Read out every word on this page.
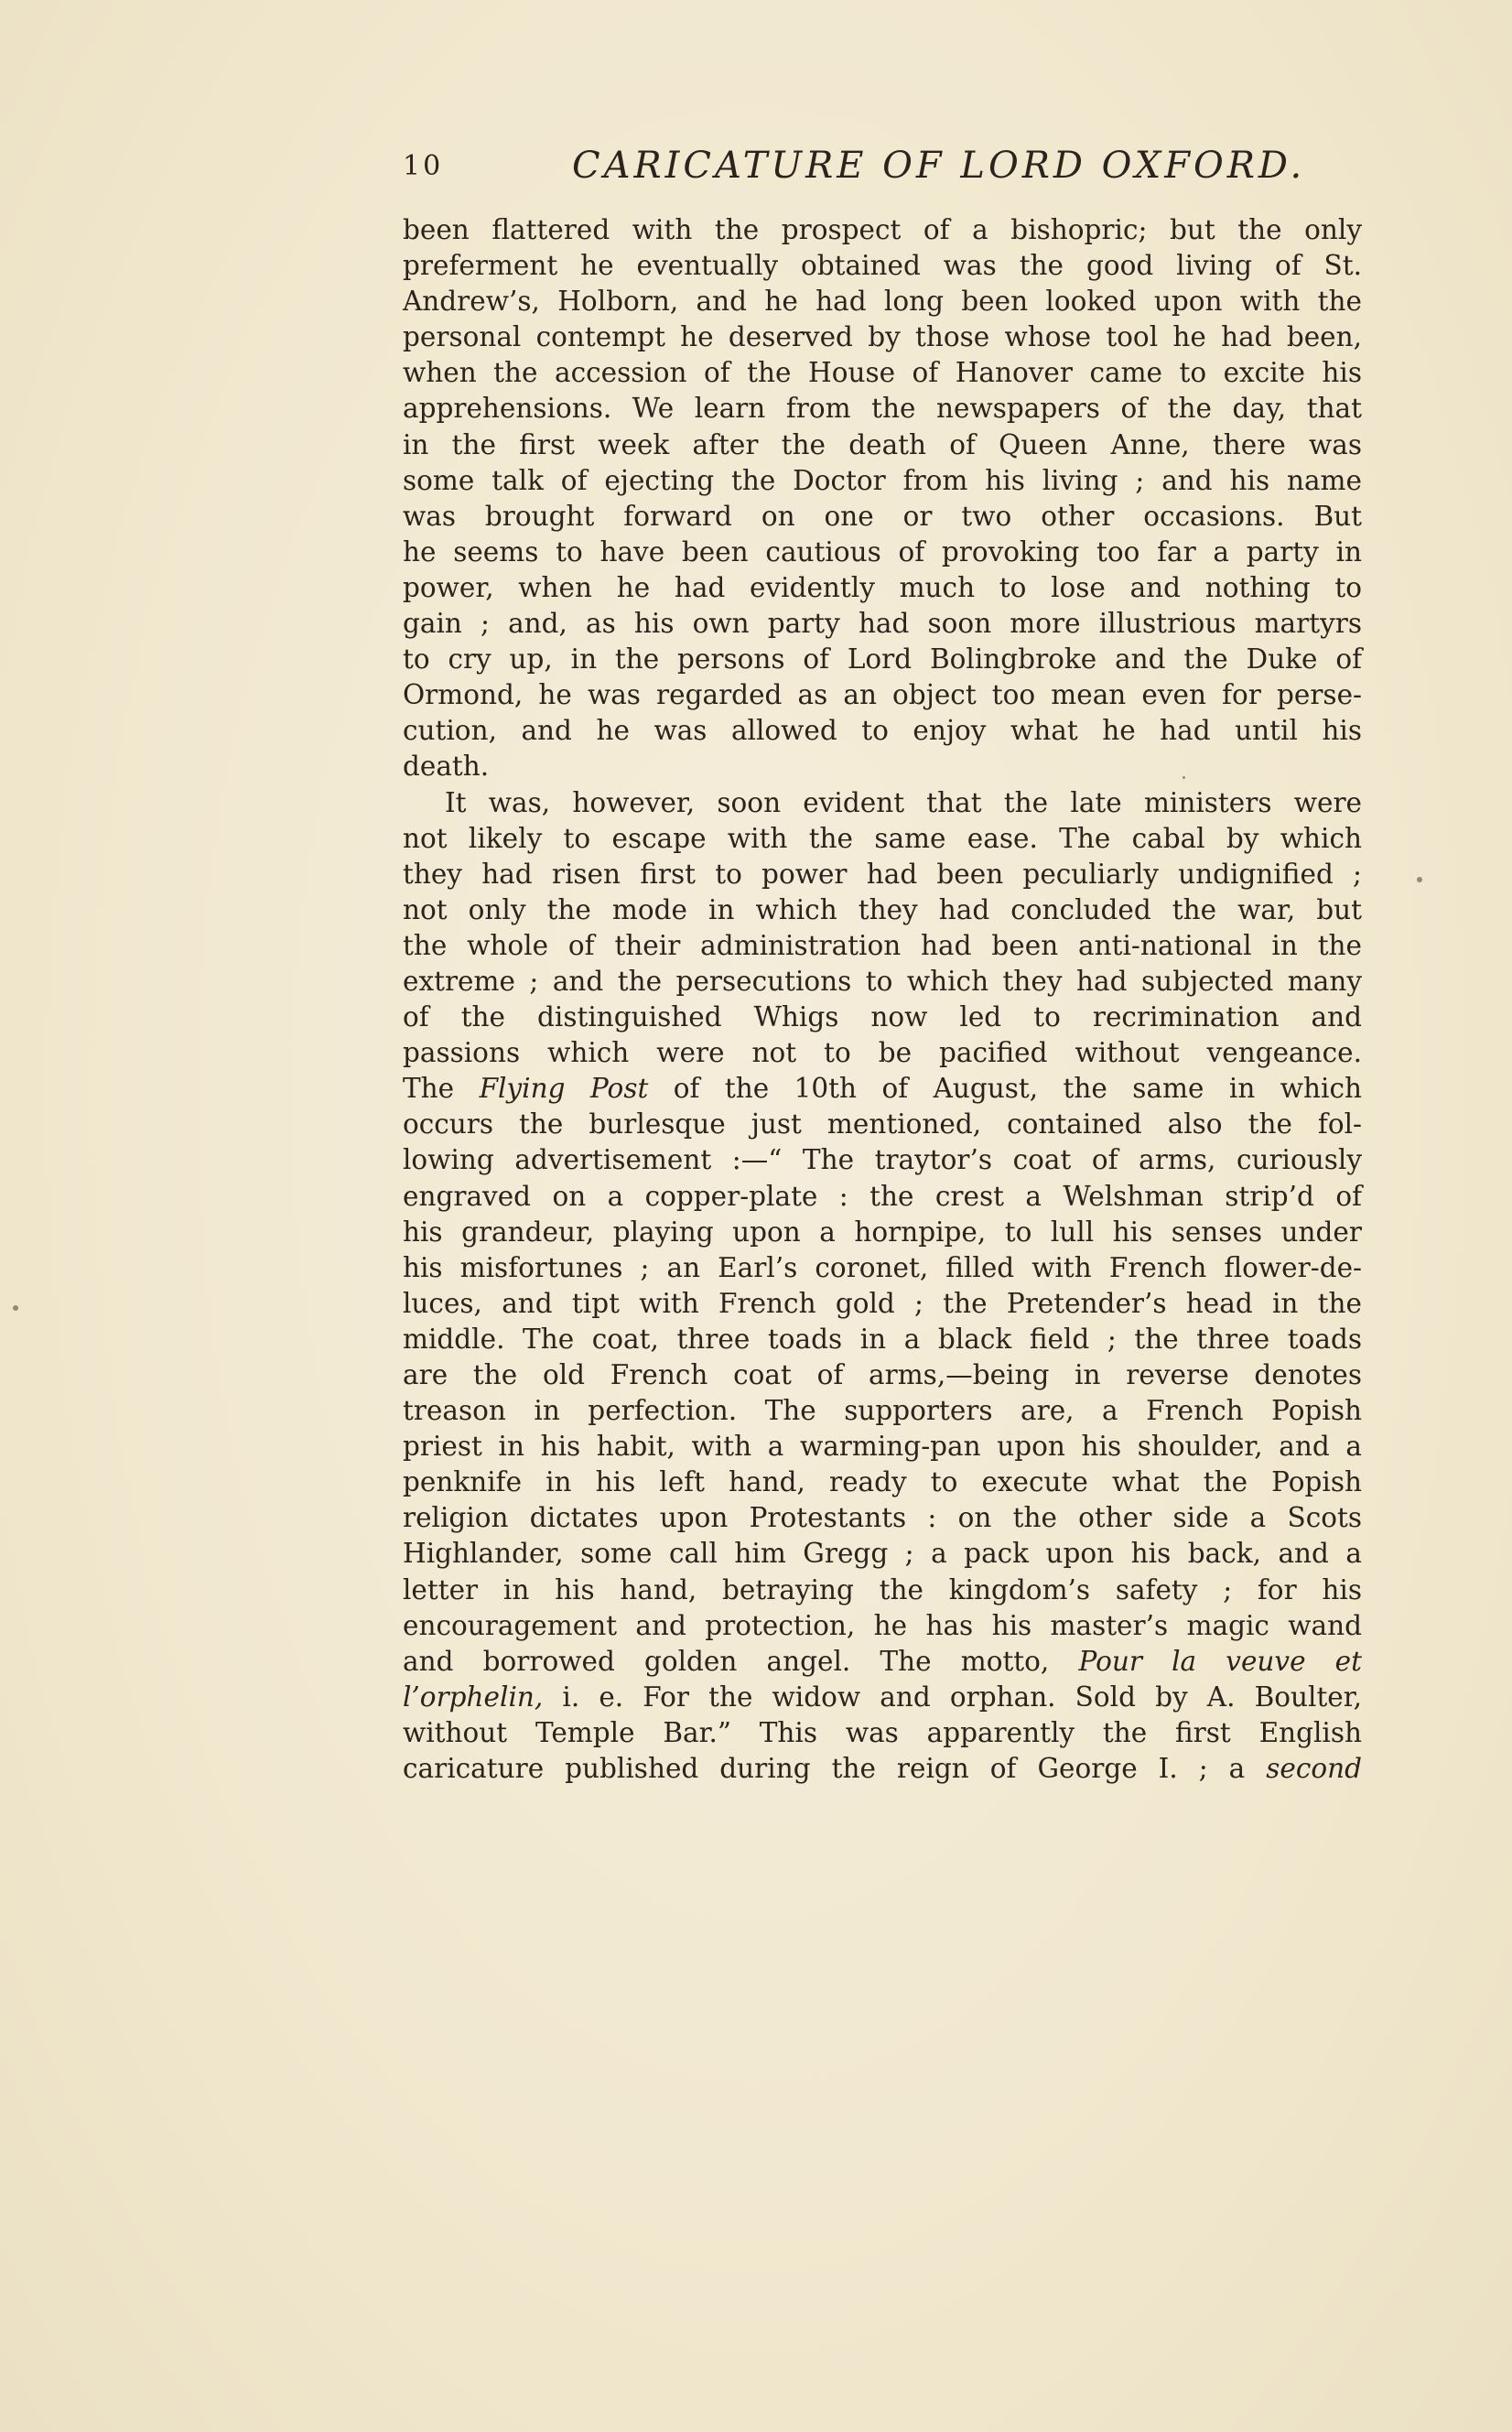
10	CARICATURE OF LORD OXFORD.
been flattered with the prospect of a bishopric; but the only
preferment he eventually obtained was the good living of St.
Andrew’s, Holborn, and he had long been looked upon with the
personal contempt he deserved by those whose tool he had been,
when the accession of the House of Hanover came to excite his
apprehensions. We learn from the newspapers of the day, that
in the first week after the death of Queen Anne, there was
some talk of ejecting the Doctor from his living ; and his name
was brought forward on one or two other occasions. But
he seems to have been cautious of provoking too far a party in
power, when he had evidently much to lose and nothing to
gain ; and, as his own party had soon more illustrious martyrs
to cry up, in the persons of Lord Bolingbroke and the Duke of
Ormond, he was regarded as an object too mean even for perse-
cution, and he was allowed to enjoy what he had until his
death.
It was, however, soon evident that the late ministers were
not likely to escape with the same ease. The cabal by which
they had risen first to power had been peculiarly undignified ;
not only the mode in which they had concluded the war, but
the whole of their administration had been anti-national in the
extreme ; and the persecutions to which they had subjected many
of the distinguished Whigs now led to recrimination and
passions which were not to be pacified without vengeance.
The Flying Post of the 10th of August, the same in which
occurs the burlesque just mentioned, contained also the fol-
lowing advertisement :—“ The traytor’s coat of arms, curiously
engraved on a copper-plate : the crest a Welshman strip’d of
his grandeur, playing upon a hornpipe, to lull his senses under
his misfortunes ; an Earl’s coronet, filled with French flower-de-
luces, and tipt with French gold ; the Pretender’s head in the
middle. The coat, three toads in a black field ; the three toads
are the old French coat of arms,—being in reverse denotes
treason in perfection. The supporters are, a French Popish
priest in his habit, with a warming-pan upon his shoulder, and a
penknife in his left hand, ready to execute what the Popish
religion dictates upon Protestants : on the other side a Scots
Highlander, some call him Gregg ; a pack upon his back, and a
letter in his hand, betraying the kingdom’s safety ; for his
encouragement and protection, he has his master’s magic wand
and borrowed golden angel. The motto, Pour la veuve et
l’orphelin, i. e. For the widow and orphan. Sold by A. Boulter,
without Temple Bar.” This was apparently the first English
caricature published during the reign of George I. ; a second
